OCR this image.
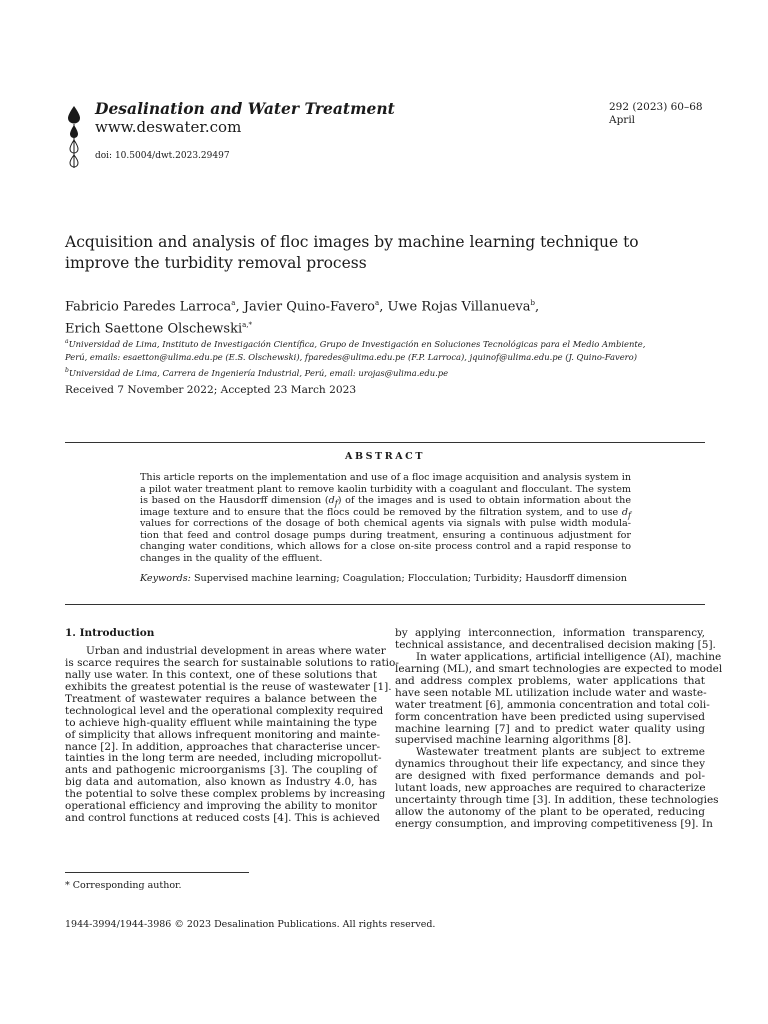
Desalination and Water Treatment
www.deswater.com
doi: 10.5004/dwt.2023.29497
292 (2023) 60–68
April
Acquisition and analysis of floc images by machine learning technique to improve the turbidity removal process
Fabricio Paredes Larroca$^a$, Javier Quino-Favero$^a$, Uwe Rojas Villanueva$^b$,
Erich Saettone Olschewski$^{a,*}$
$^a$Universidad de Lima, Instituto de Investigación Científica, Grupo de Investigación en Soluciones Tecnológicas para el Medio Ambiente,
Perú, emails: esaetton@ulima.edu.pe (E.S. Olschewski), fparedes@ulima.edu.pe (F.P. Larroca), jquinof@ulima.edu.pe (J. Quino-Favero)
$^b$Universidad de Lima, Carrera de Ingeniería Industrial, Perú, email: urojas@ulima.edu.pe
Received 7 November 2022; Accepted 23 March 2023
ABSTRACT
This article reports on the implementation and use of a floc image acquisition and analysis system in
a pilot water treatment plant to remove kaolin turbidity with a coagulant and flocculant. The system
is based on the Hausdorff dimension $(d_f)$ of the images and is used to obtain information about the
image texture and to ensure that the flocs could be removed by the filtration system, and to use $d_f$
values for corrections of the dosage of both chemical agents via signals with pulse width modula-
tion that feed and control dosage pumps during treatment, ensuring a continuous adjustment for
changing water conditions, which allows for a close on-site process control and a rapid response to
changes in the quality of the effluent.
Keywords: Supervised machine learning; Coagulation; Flocculation; Turbidity; Hausdorff dimension
1. Introduction
Urban and industrial development in areas where water
is scarce requires the search for sustainable solutions to ratio-
nally use water. In this context, one of these solutions that
exhibits the greatest potential is the reuse of wastewater [1].
Treatment of wastewater requires a balance between the
technological level and the operational complexity required
to achieve high-quality effluent while maintaining the type
of simplicity that allows infrequent monitoring and mainte-
nance [2]. In addition, approaches that characterise uncer-
tainties in the long term are needed, including micropollut-
ants and pathogenic microorganisms [3]. The coupling of
big data and automation, also known as Industry 4.0, has
the potential to solve these complex problems by increasing
operational efficiency and improving the ability to monitor
and control functions at reduced costs [4]. This is achieved
by applying interconnection, information transparency,
technical assistance, and decentralised decision making [5].
In water applications, artificial intelligence (AI), machine
learning (ML), and smart technologies are expected to model
and address complex problems, water applications that
have seen notable ML utilization include water and waste-
water treatment [6], ammonia concentration and total coli-
form concentration have been predicted using supervised
machine learning [7] and to predict water quality using
supervised machine learning algorithms [8].
Wastewater treatment plants are subject to extreme
dynamics throughout their life expectancy, and since they
are designed with fixed performance demands and pol-
lutant loads, new approaches are required to characterize
uncertainty through time [3]. In addition, these technologies
allow the autonomy of the plant to be operated, reducing
energy consumption, and improving competitiveness [9]. In
* Corresponding author.
1944-3994/1944-3986 © 2023 Desalination Publications. All rights reserved.
